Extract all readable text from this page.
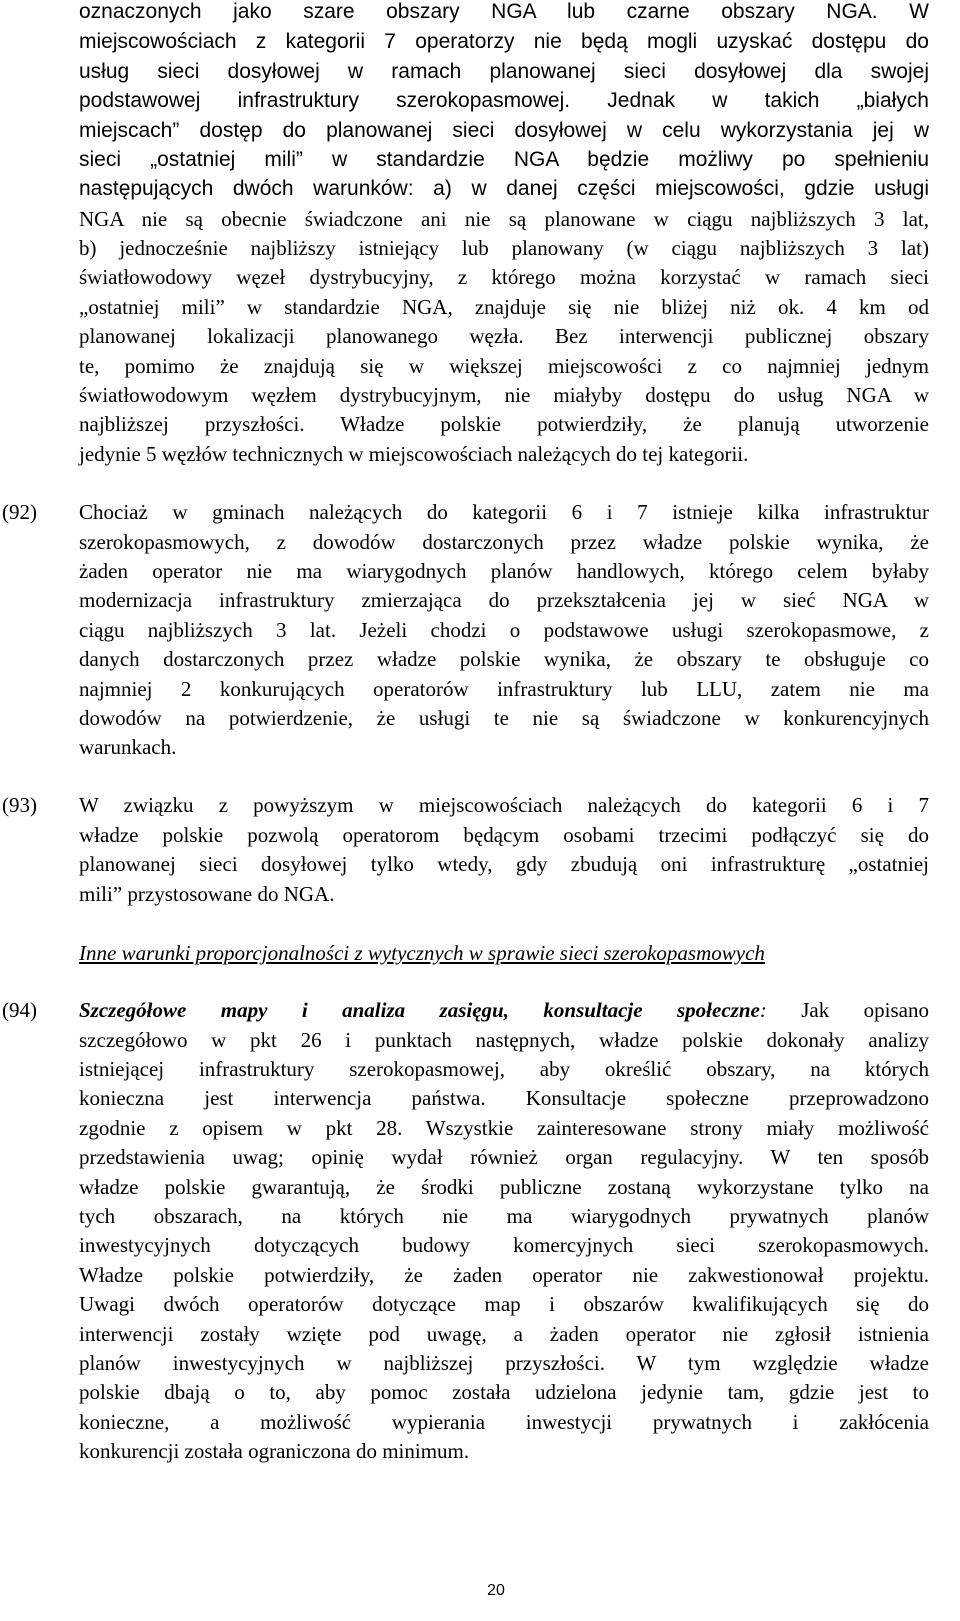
oznaczonych jako szare obszary NGA lub czarne obszary NGA. W
miejscowościach z kategorii 7 operatorzy nie będą mogli uzyskać dostępu do
usług sieci dosyłowej w ramach planowanej sieci dosyłowej dla swojej
podstawowej infrastruktury szerokopasmowej. Jednak w takich „białych
miejscach” dostęp do planowanej sieci dosyłowej w celu wykorzystania jej w
sieci „ostatniej mili” w standardzie NGA będzie możliwy po spełnieniu
następujących dwóch warunków: a) w danej części miejscowości, gdzie usługi
NGA nie są obecnie świadczone ani nie są planowane w ciągu najbliższych 3 lat,
b) jednocześnie najbliższy istniejący lub planowany (w ciągu najbliższych 3 lat)
światłowodowy węzeł dystrybucyjny, z którego można korzystać w ramach sieci
„ostatniej mili” w standardzie NGA, znajduje się nie bliżej niż ok. 4 km od
planowanej lokalizacji planowanego węzła. Bez interwencji publicznej obszary
te, pomimo że znajdują się w większej miejscowości z co najmniej jednym
światłowodowym węzłem dystrybucyjnym, nie miałyby dostępu do usług NGA w
najbliższej przyszłości. Władze polskie potwierdziły, że planują utworzenie
jedynie 5 węzłów technicznych w miejscowościach należących do tej kategorii.
(92) Chociaż w gminach należących do kategorii 6 i 7 istnieje kilka infrastruktur
szerokopasmowych, z dowodów dostarczonych przez władze polskie wynika, że
żaden operator nie ma wiarygodnych planów handlowych, którego celem byłaby
modernizacja infrastruktury zmierzająca do przekształcenia jej w sieć NGA w
ciągu najbliższych 3 lat. Jeżeli chodzi o podstawowe usługi szerokopasmowe, z
danych dostarczonych przez władze polskie wynika, że obszary te obsługuje co
najmniej 2 konkurujących operatorów infrastruktury lub LLU, zatem nie ma
dowodów na potwierdzenie, że usługi te nie są świadczone w konkurencyjnych
warunkach.
(93) W związku z powyższym w miejscowościach należących do kategorii 6 i 7
władze polskie pozwolą operatorom będącym osobami trzecimi podłączyć się do
planowanej sieci dosyłowej tylko wtedy, gdy zbudują oni infrastrukturę „ostatniej
mili” przystosowane do NGA.
Inne warunki proporcjonalności z wytycznych w sprawie sieci szerokopasmowych
(94) Szczegółowe mapy i analiza zasięgu, konsultacje społeczne: Jak opisano
szczegółowo w pkt 26 i punktach następnych, władze polskie dokonały analizy
istniejącej infrastruktury szerokopasmowej, aby określić obszary, na których
konieczna jest interwencja państwa. Konsultacje społeczne przeprowadzono
zgodnie z opisem w pkt 28. Wszystkie zainteresowane strony miały możliwość
przedstawienia uwag; opinię wydał również organ regulacyjny. W ten sposób
władze polskie gwarantują, że środki publiczne zostaną wykorzystane tylko na
tych obszarach, na których nie ma wiarygodnych prywatnych planów
inwestycyjnych dotyczących budowy komercyjnych sieci szerokopasmowych.
Władze polskie potwierdziły, że żaden operator nie zakwestionował projektu.
Uwagi dwóch operatorów dotyczące map i obszarów kwalifikujących się do
interwencji zostały wzięte pod uwagę, a żaden operator nie zgłosił istnienia
planów inwestycyjnych w najbliższej przyszłości. W tym względzie władze
polskie dbają o to, aby pomoc została udzielona jedynie tam, gdzie jest to
konieczne, a możliwość wypierania inwestycji prywatnych i zakłócenia
konkurencji została ograniczona do minimum.
20
